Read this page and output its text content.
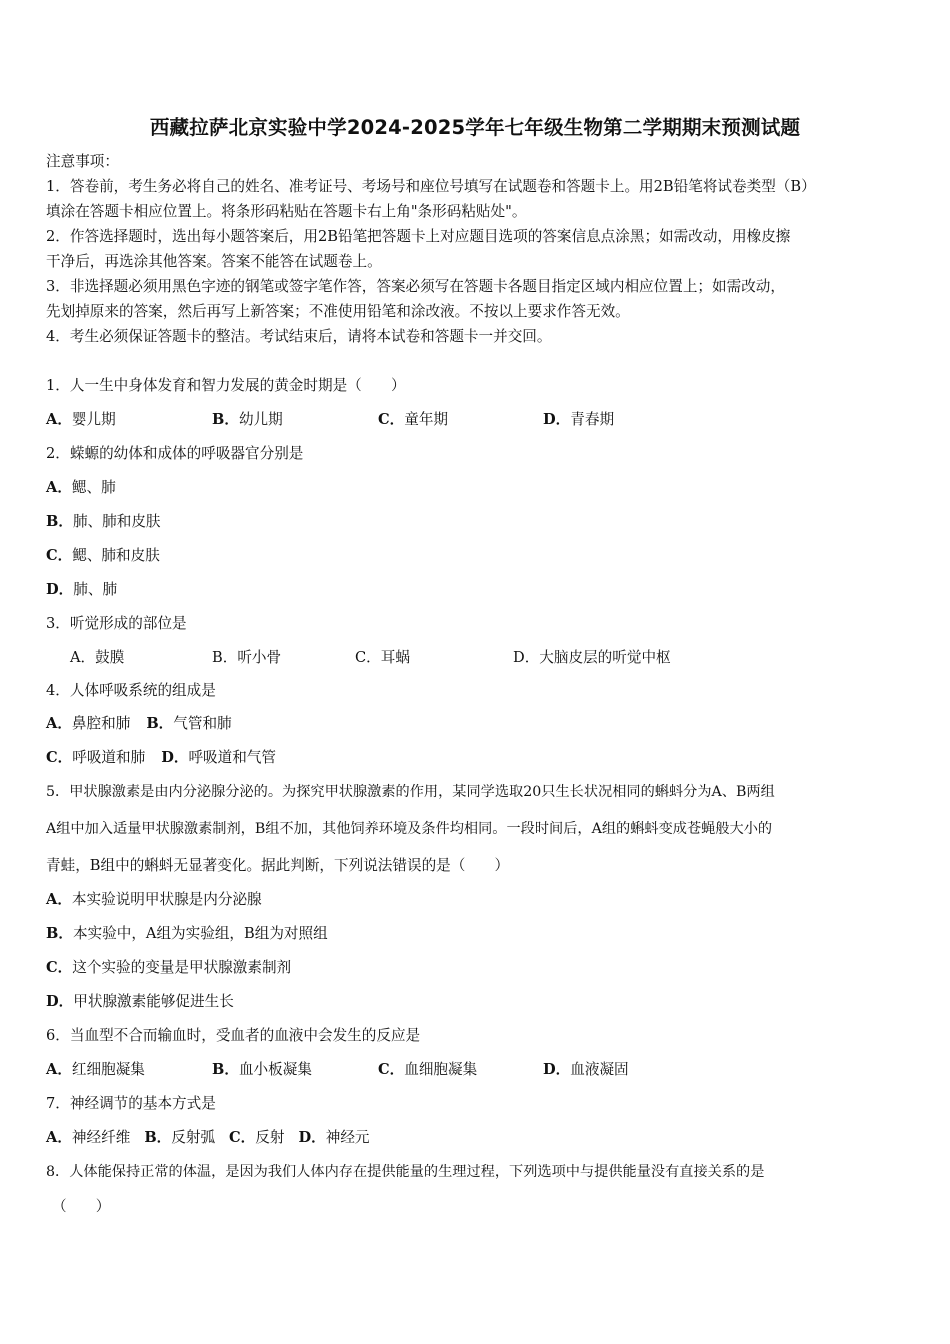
西藏拉萨北京实验中学2024-2025学年七年级生物第二学期期末预测试题
注意事项：
1．答卷前，考生务必将自己的姓名、准考证号、考场号和座位号填写在试题卷和答题卡上。用2B铅笔将试卷类型（B）
填涂在答题卡相应位置上。将条形码粘贴在答题卡右上角"条形码粘贴处"。
2．作答选择题时，选出每小题答案后，用2B铅笔把答题卡上对应题目选项的答案信息点涂黑；如需改动，用橡皮擦
干净后，再选涂其他答案。答案不能答在试题卷上。
3．非选择题必须用黑色字迹的钢笔或签字笔作答，答案必须写在答题卡各题目指定区域内相应位置上；如需改动，
先划掉原来的答案，然后再写上新答案；不准使用铅笔和涂改液。不按以上要求作答无效。
4．考生必须保证答题卡的整洁。考试结束后，请将本试卷和答题卡一并交回。
1．人一生中身体发育和智力发展的黄金时期是（　　）
A．婴儿期	B．幼儿期	C．童年期	D．青春期
2．蝾螈的幼体和成体的呼吸器官分别是
A．鳃、肺
B．肺、肺和皮肤
C．鳃、肺和皮肤
D．肺、肺
3．听觉形成的部位是
A．鼓膜	B．听小骨	C．耳蜗	D．大脑皮层的听觉中枢
4．人体呼吸系统的组成是
A．鼻腔和肺 B．气管和肺
C．呼吸道和肺 D．呼吸道和气管
5．甲状腺激素是由内分泌腺分泌的。为探究甲状腺激素的作用，某同学选取20只生长状况相同的蝌蚪分为A、B两组
A组中加入适量甲状腺激素制剂，B组不加，其他饲养环境及条件均相同。一段时间后，A组的蝌蚪变成苍蝇般大小的
青蛙，B组中的蝌蚪无显著变化。据此判断，下列说法错误的是（　　）
A．本实验说明甲状腺是内分泌腺
B．本实验中，A组为实验组，B组为对照组
C．这个实验的变量是甲状腺激素制剂
D．甲状腺激素能够促进生长
6．当血型不合而输血时，受血者的血液中会发生的反应是
A．红细胞凝集	B．血小板凝集	C．血细胞凝集	D．血液凝固
7．神经调节的基本方式是
A．神经纤维 B．反射弧 C．反射 D．神经元
8．人体能保持正常的体温，是因为我们人体内存在提供能量的生理过程，下列选项中与提供能量没有直接关系的是
（　　）
